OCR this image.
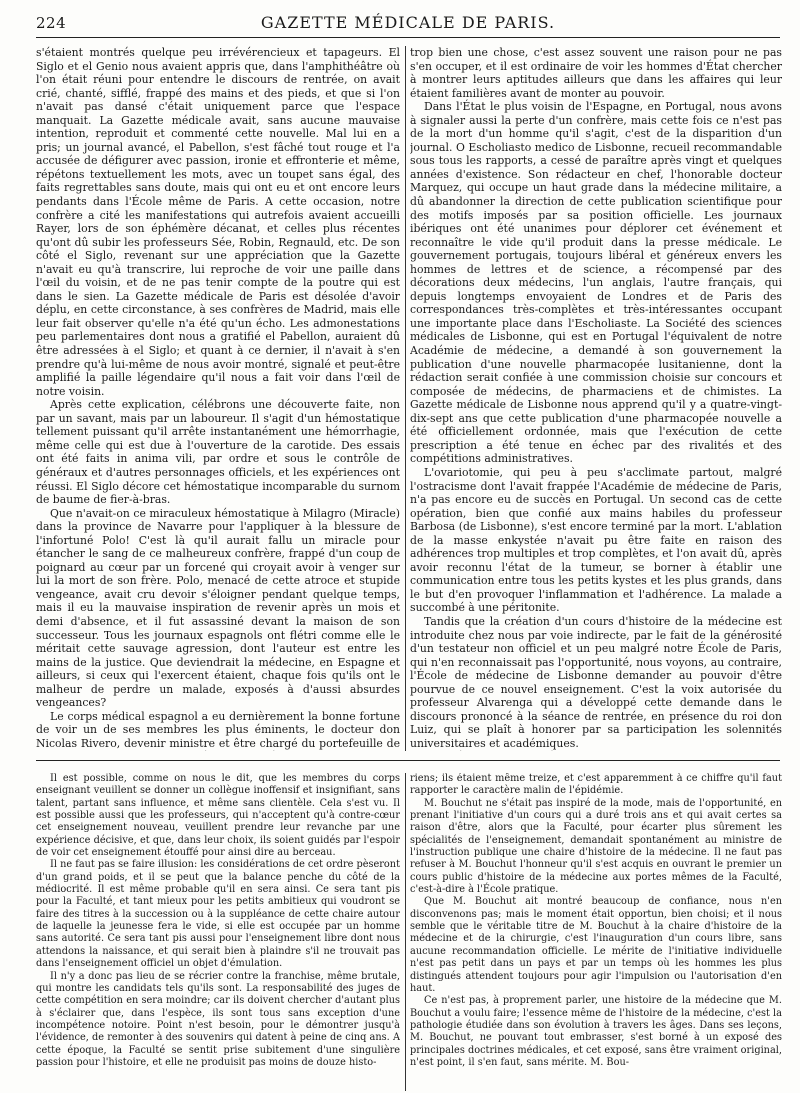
224	GAZETTE MÉDICALE DE PARIS.

s'étaient montrés quelque peu irrévérencieux et tapageurs. El Siglo et el Genio nous avaient appris que, dans l'amphithéâtre où l'on était réuni pour entendre le discours de rentrée, on avait crié, chanté, sifflé, frappé des mains et des pieds, et que si l'on n'avait pas dansé c'était uniquement parce que l'espace manquait. La Gazette médicale avait, sans aucune mauvaise intention, reproduit et commenté cette nouvelle. Mal lui en a pris; un journal avancé, el Pabellon, s'est fâché tout rouge et l'a accusée de défigurer avec passion, ironie et effronterie et même, répétons textuellement les mots, avec un toupet sans égal, des faits regrettables sans doute, mais qui ont eu et ont encore leurs pendants dans l'École même de Paris. A cette occasion, notre confrère a cité les manifestations qui autrefois avaient accueilli Rayer, lors de son éphémère décanat, et celles plus récentes qu'ont dû subir les professeurs Sée, Robin, Regnauld, etc. De son côté el Siglo, revenant sur une appréciation que la Gazette n'avait eu qu'à transcrire, lui reproche de voir une paille dans l'œil du voisin, et de ne pas tenir compte de la poutre qui est dans le sien. La Gazette médicale de Paris est désolée d'avoir déplu, en cette circonstance, à ses confrères de Madrid, mais elle leur fait observer qu'elle n'a été qu'un écho. Les admonestations peu parlementaires dont nous a gratifié el Pabellon, auraient dû être adressées à el Siglo; et quant à ce dernier, il n'avait à s'en prendre qu'à lui-même de nous avoir montré, signalé et peut-être amplifié la paille légendaire qu'il nous a fait voir dans l'œil de notre voisin.

Après cette explication, célébrons une découverte faite, non par un savant, mais par un laboureur. Il s'agit d'un hémostatique tellement puissant qu'il arrête instantanément une hémorrhagie, même celle qui est due à l'ouverture de la carotide. Des essais ont été faits in anima vili, par ordre et sous le contrôle de généraux et d'autres personnages officiels, et les expériences ont réussi. El Siglo décore cet hémostatique incomparable du surnom de baume de fier-à-bras.

Que n'avait-on ce miraculeux hémostatique à Milagro (Miracle) dans la province de Navarre pour l'appliquer à la blessure de l'infortuné Polo! C'est là qu'il aurait fallu un miracle pour étancher le sang de ce malheureux confrère, frappé d'un coup de poignard au cœur par un forcené qui croyait avoir à venger sur lui la mort de son frère. Polo, menacé de cette atroce et stupide vengeance, avait cru devoir s'éloigner pendant quelque temps, mais il eu la mauvaise inspiration de revenir après un mois et demi d'absence, et il fut assassiné devant la maison de son successeur. Tous les journaux espagnols ont flétri comme elle le méritait cette sauvage agression, dont l'auteur est entre les mains de la justice. Que deviendrait la médecine, en Espagne et ailleurs, si ceux qui l'exercent étaient, chaque fois qu'ils ont le malheur de perdre un malade, exposés à d'aussi absurdes vengeances?

Le corps médical espagnol a eu dernièrement la bonne fortune de voir un de ses membres les plus éminents, le docteur don Nicolas Rivero, devenir ministre et être chargé du portefeuille de

trop bien une chose, c'est assez souvent une raison pour ne pas s'en occuper, et il est ordinaire de voir les hommes d'État chercher à montrer leurs aptitudes ailleurs que dans les affaires qui leur étaient familières avant de monter au pouvoir.

Dans l'État le plus voisin de l'Espagne, en Portugal, nous avons à signaler aussi la perte d'un confrère, mais cette fois ce n'est pas de la mort d'un homme qu'il s'agit, c'est de la disparition d'un journal. O Escholiasto medico de Lisbonne, recueil recommandable sous tous les rapports, a cessé de paraître après vingt et quelques années d'existence. Son rédacteur en chef, l'honorable docteur Marquez, qui occupe un haut grade dans la médecine militaire, a dû abandonner la direction de cette publication scientifique pour des motifs imposés par sa position officielle. Les journaux ibériques ont été unanimes pour déplorer cet événement et reconnaître le vide qu'il produit dans la presse médicale. Le gouvernement portugais, toujours libéral et généreux envers les hommes de lettres et de science, a récompensé par des décorations deux médecins, l'un anglais, l'autre français, qui depuis longtemps envoyaient de Londres et de Paris des correspondances très-complètes et très-intéressantes occupant une importante place dans l'Escholiaste. La Société des sciences médicales de Lisbonne, qui est en Portugal l'équivalent de notre Académie de médecine, a demandé à son gouvernement la publication d'une nouvelle pharmacopée lusitanienne, dont la rédaction serait confiée à une commission choisie sur concours et composée de médecins, de pharmaciens et de chimistes. La Gazette médicale de Lisbonne nous apprend qu'il y a quatre-vingt-dix-sept ans que cette publication d'une pharmacopée nouvelle a été officiellement ordonnée, mais que l'exécution de cette prescription a été tenue en échec par des rivalités et des compétitions administratives.

L'ovariotomie, qui peu à peu s'acclimate partout, malgré l'ostracisme dont l'avait frappée l'Académie de médecine de Paris, n'a pas encore eu de succès en Portugal. Un second cas de cette opération, bien que confié aux mains habiles du professeur Barbosa (de Lisbonne), s'est encore terminé par la mort. L'ablation de la masse enkystée n'avait pu être faite en raison des adhérences trop multiples et trop complètes, et l'on avait dû, après avoir reconnu l'état de la tumeur, se borner à établir une communication entre tous les petits kystes et les plus grands, dans le but d'en provoquer l'inflammation et l'adhérence. La malade a succombé à une péritonite.

Tandis que la création d'un cours d'histoire de la médecine est introduite chez nous par voie indirecte, par le fait de la générosité d'un testateur non officiel et un peu malgré notre École de Paris, qui n'en reconnaissait pas l'opportunité, nous voyons, au contraire, l'École de médecine de Lisbonne demander au pouvoir d'être pourvue de ce nouvel enseignement. C'est la voix autorisée du professeur Alvarenga qui a développé cette demande dans le discours prononcé à la séance de rentrée, en présence du roi don Luiz, qui se plaît à honorer par sa participation les solennités universitaires et académiques.

Il est possible, comme on nous le dit, que les membres du corps enseignant veuillent se donner un collègue inoffensif et insignifiant, sans talent, partant sans influence, et même sans clientèle. Cela s'est vu. Il est possible aussi que les professeurs, qui n'acceptent qu'à contre-cœur cet enseignement nouveau, veuillent prendre leur revanche par une expérience décisive, et que, dans leur choix, ils soient guidés par l'espoir de voir cet enseignement étouffé pour ainsi dire au berceau.

Il ne faut pas se faire illusion: les considérations de cet ordre pèseront d'un grand poids, et il se peut que la balance penche du côté de la médiocrité. Il est même probable qu'il en sera ainsi. Ce sera tant pis pour la Faculté, et tant mieux pour les petits ambitieux qui voudront se faire des titres à la succession ou à la suppléance de cette chaire autour de laquelle la jeunesse fera le vide, si elle est occupée par un homme sans autorité. Ce sera tant pis aussi pour l'enseignement libre dont nous attendons la naissance, et qui serait bien à plaindre s'il ne trouvait pas dans l'enseignement officiel un objet d'émulation.

Il n'y a donc pas lieu de se récrier contre la franchise, même brutale, qui montre les candidats tels qu'ils sont. La responsabilité des juges de cette compétition en sera moindre; car ils doivent chercher d'autant plus à s'éclairer que, dans l'espèce, ils sont tous sans exception d'une incompétence notoire. Point n'est besoin, pour le démontrer jusqu'à l'évidence, de remonter à des souvenirs qui datent à peine de cinq ans. A cette époque, la Faculté se sentit prise subitement d'une singulière passion pour l'histoire, et elle ne produisit pas moins de douze histo-

riens; ils étaient même treize, et c'est apparemment à ce chiffre qu'il faut rapporter le caractère malin de l'épidémie.

M. Bouchut ne s'était pas inspiré de la mode, mais de l'opportunité, en prenant l'initiative d'un cours qui a duré trois ans et qui avait certes sa raison d'être, alors que la Faculté, pour écarter plus sûrement les spécialités de l'enseignement, demandait spontanément au ministre de l'instruction publique une chaire d'histoire de la médecine. Il ne faut pas refuser à M. Bouchut l'honneur qu'il s'est acquis en ouvrant le premier un cours public d'histoire de la médecine aux portes mêmes de la Faculté, c'est-à-dire à l'École pratique.

Que M. Bouchut ait montré beaucoup de confiance, nous n'en disconvenons pas; mais le moment était opportun, bien choisi; et il nous semble que le véritable titre de M. Bouchut à la chaire d'histoire de la médecine et de la chirurgie, c'est l'inauguration d'un cours libre, sans aucune recommandation officielle. Le mérite de l'initiative individuelle n'est pas petit dans un pays et par un temps où les hommes les plus distingués attendent toujours pour agir l'impulsion ou l'autorisation d'en haut.

Ce n'est pas, à proprement parler, une histoire de la médecine que M. Bouchut a voulu faire; l'essence même de l'histoire de la médecine, c'est la pathologie étudiée dans son évolution à travers les âges. Dans ses leçons, M. Bouchut, ne pouvant tout embrasser, s'est borné à un exposé des principales doctrines médicales, et cet exposé, sans être vraiment original, n'est point, il s'en faut, sans mérite. M. Bou-
